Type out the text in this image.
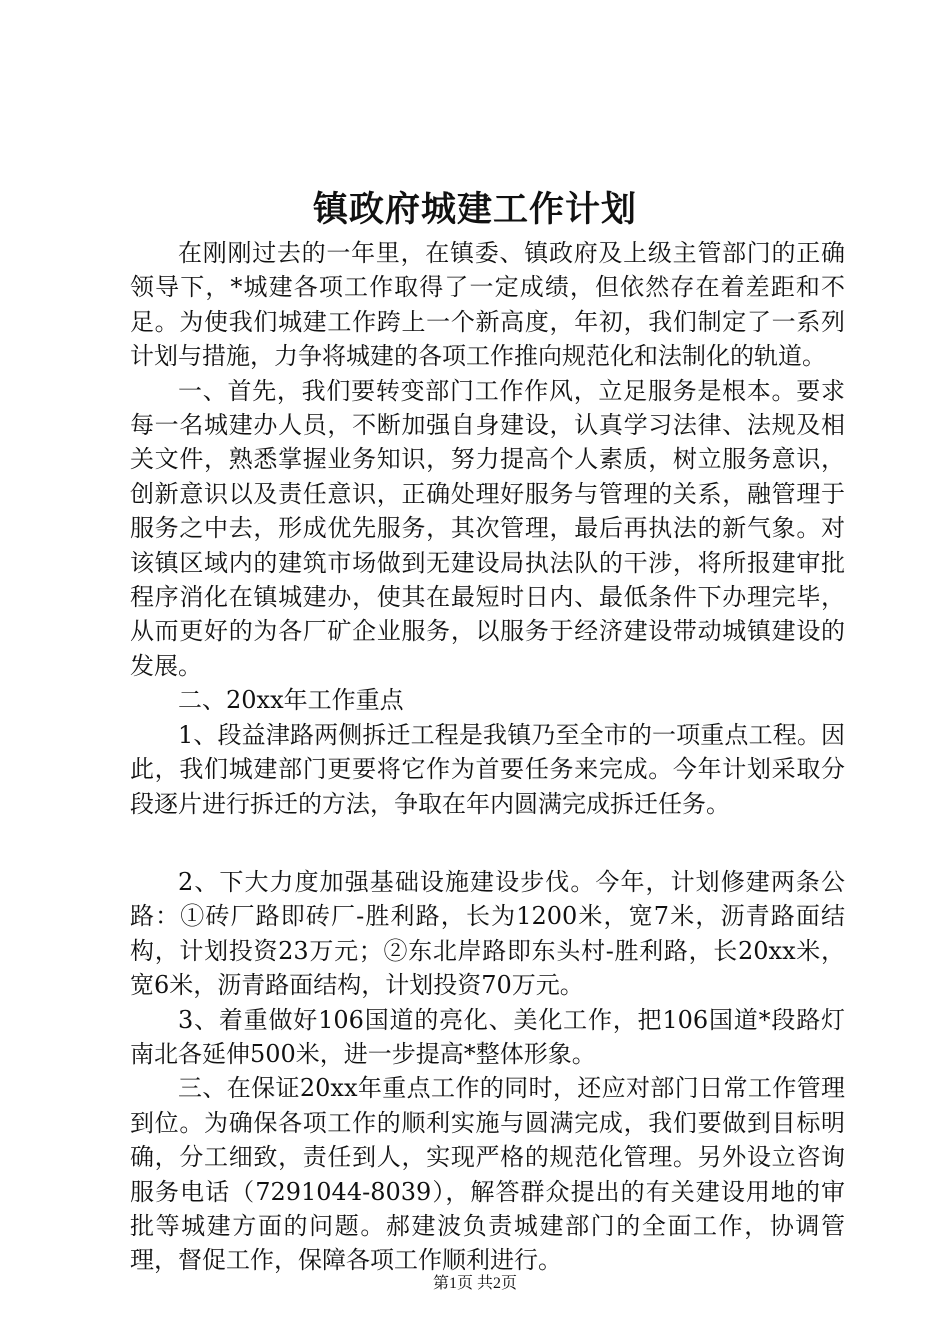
镇政府城建工作计划

在刚刚过去的一年里，在镇委、镇政府及上级主管部门的正确领导下，*城建各项工作取得了一定成绩，但依然存在着差距和不足。为使我们城建工作跨上一个新高度，年初，我们制定了一系列计划与措施，力争将城建的各项工作推向规范化和法制化的轨道。

一、首先，我们要转变部门工作作风，立足服务是根本。要求每一名城建办人员，不断加强自身建设，认真学习法律、法规及相关文件，熟悉掌握业务知识，努力提高个人素质，树立服务意识，创新意识以及责任意识，正确处理好服务与管理的关系，融管理于服务之中去，形成优先服务，其次管理，最后再执法的新气象。对该镇区域内的建筑市场做到无建设局执法队的干涉，将所报建审批程序消化在镇城建办，使其在最短时日内、最低条件下办理完毕，从而更好的为各厂矿企业服务，以服务于经济建设带动城镇建设的发展。

二、20xx年工作重点

1、段益津路两侧拆迁工程是我镇乃至全市的一项重点工程。因此，我们城建部门更要将它作为首要任务来完成。今年计划采取分段逐片进行拆迁的方法，争取在年内圆满完成拆迁任务。

2、下大力度加强基础设施建设步伐。今年，计划修建两条公路：①砖厂路即砖厂-胜利路，长为1200米，宽7米，沥青路面结构，计划投资23万元；②东北岸路即东头村-胜利路，长20xx米，宽6米，沥青路面结构，计划投资70万元。

3、着重做好106国道的亮化、美化工作，把106国道*段路灯南北各延伸500米，进一步提高*整体形象。

三、在保证20xx年重点工作的同时，还应对部门日常工作管理到位。为确保各项工作的顺利实施与圆满完成，我们要做到目标明确，分工细致，责任到人，实现严格的规范化管理。另外设立咨询服务电话（7291044-8039），解答群众提出的有关建设用地的审批等城建方面的问题。郝建波负责城建部门的全面工作，协调管理，督促工作，保障各项工作顺利进行。

第1页 共2页
